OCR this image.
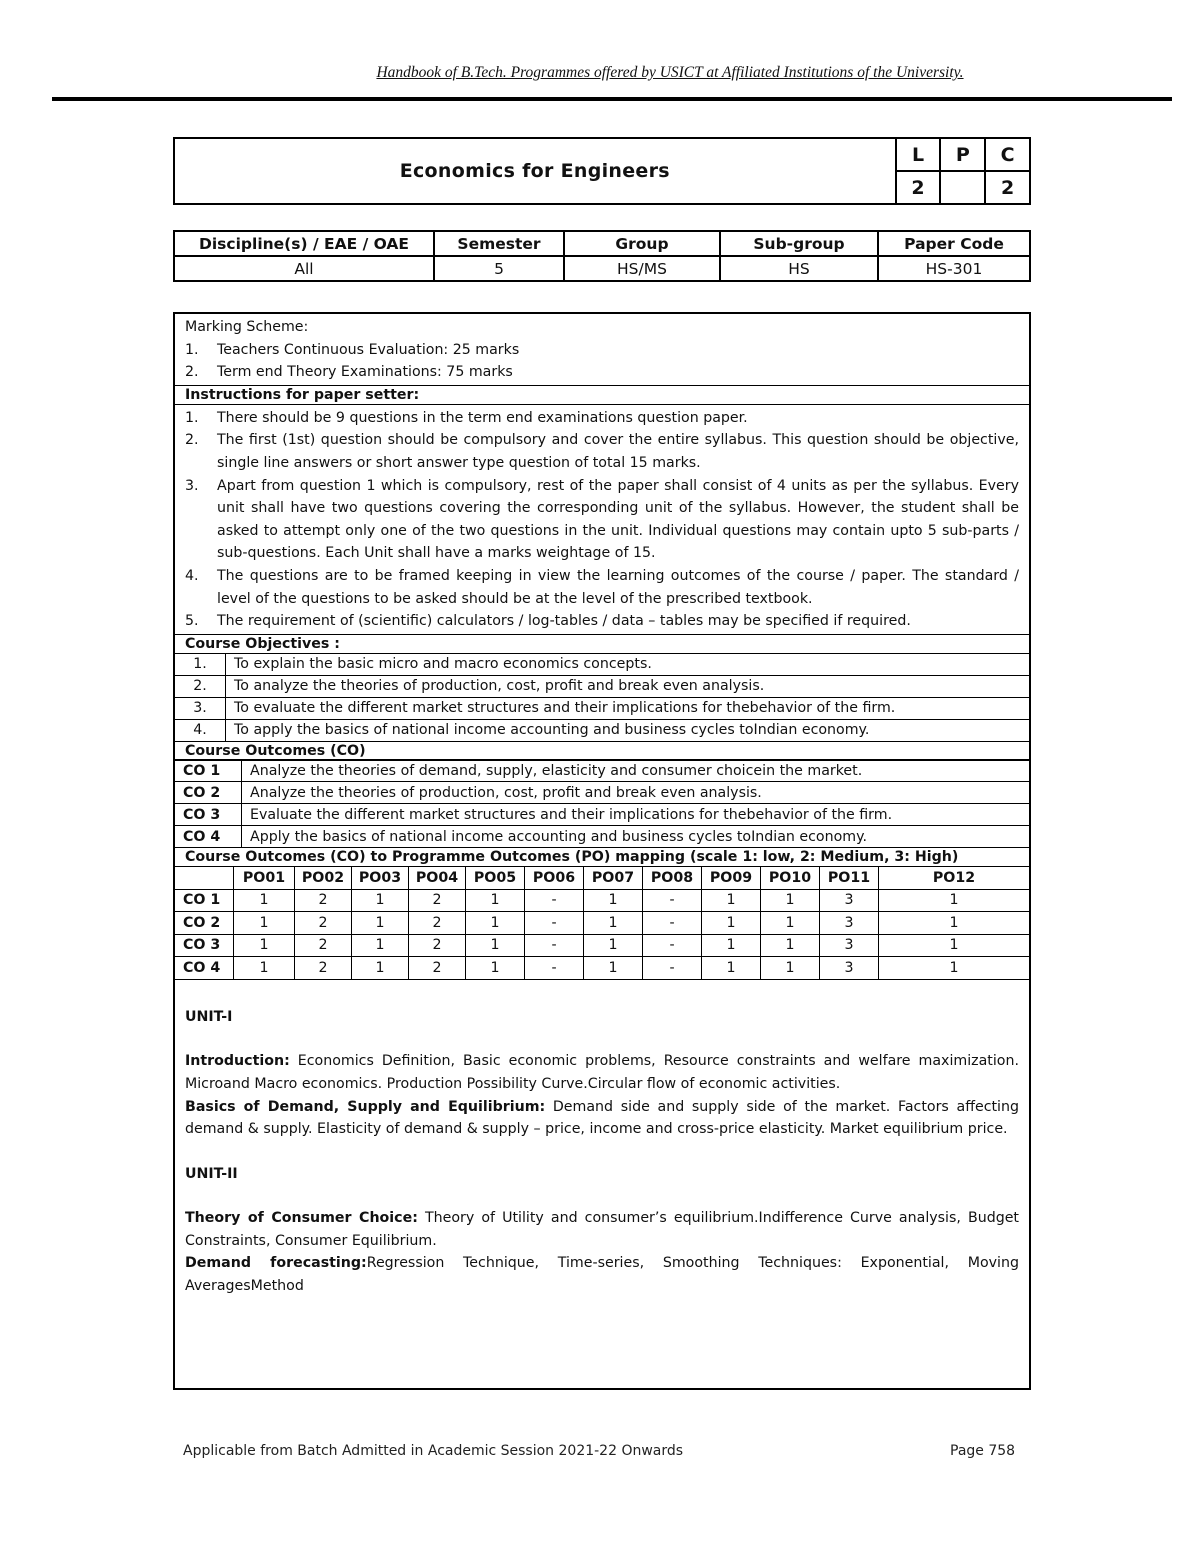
Handbook of B.Tech. Programmes offered by USICT at Affiliated Institutions of the University.
Economics for Engineers	L	P	C
	2		2
Discipline(s) / EAE / OAE	Semester	Group	Sub-group	Paper Code
All	5	HS/MS	HS	HS-301
Marking Scheme:
1.	Teachers Continuous Evaluation: 25 marks
2.	Term end Theory Examinations: 75 marks
Instructions for paper setter:
1.	There should be 9 questions in the term end examinations question paper.
2.	The first (1st) question should be compulsory and cover the entire syllabus. This question should be objective, single line answers or short answer type question of total 15 marks.
3.	Apart from question 1 which is compulsory, rest of the paper shall consist of 4 units as per the syllabus. Every unit shall have two questions covering the corresponding unit of the syllabus. However, the student shall be asked to attempt only one of the two questions in the unit. Individual questions may contain upto 5 sub-parts / sub-questions. Each Unit shall have a marks weightage of 15.
4.	The questions are to be framed keeping in view the learning outcomes of the course / paper. The standard / level of the questions to be asked should be at the level of the prescribed textbook.
5.	The requirement of (scientific) calculators / log-tables / data – tables may be specified if required.
Course Objectives :
1.	To explain the basic micro and macro economics concepts.
2.	To analyze the theories of production, cost, profit and break even analysis.
3.	To evaluate the different market structures and their implications for thebehavior of the firm.
4.	To apply the basics of national income accounting and business cycles toIndian economy.
Course Outcomes (CO)
CO 1	Analyze the theories of demand, supply, elasticity and consumer choicein the market.
CO 2	Analyze the theories of production, cost, profit and break even analysis.
CO 3	Evaluate the different market structures and their implications for thebehavior of the firm.
CO 4	Apply the basics of national income accounting and business cycles toIndian economy.
Course Outcomes (CO) to Programme Outcomes (PO) mapping (scale 1: low, 2: Medium, 3: High)
	PO01	PO02	PO03	PO04	PO05	PO06	PO07	PO08	PO09	PO10	PO11	PO12
CO 1	1	2	1	2	1	-	1	-	1	1	3	1
CO 2	1	2	1	2	1	-	1	-	1	1	3	1
CO 3	1	2	1	2	1	-	1	-	1	1	3	1
CO 4	1	2	1	2	1	-	1	-	1	1	3	1
UNIT-I
Introduction: Economics Definition, Basic economic problems, Resource constraints and welfare maximization. Microand Macro economics. Production Possibility Curve.Circular flow of economic activities.
Basics of Demand, Supply and Equilibrium: Demand side and supply side of the market. Factors affecting demand & supply. Elasticity of demand & supply – price, income and cross-price elasticity. Market equilibrium price.
UNIT-II
Theory of Consumer Choice: Theory of Utility and consumer’s equilibrium.Indifference Curve analysis, Budget Constraints, Consumer Equilibrium.
Demand forecasting:Regression Technique, Time-series, Smoothing Techniques: Exponential, Moving AveragesMethod
Applicable from Batch Admitted in Academic Session 2021-22 Onwards	Page 758
